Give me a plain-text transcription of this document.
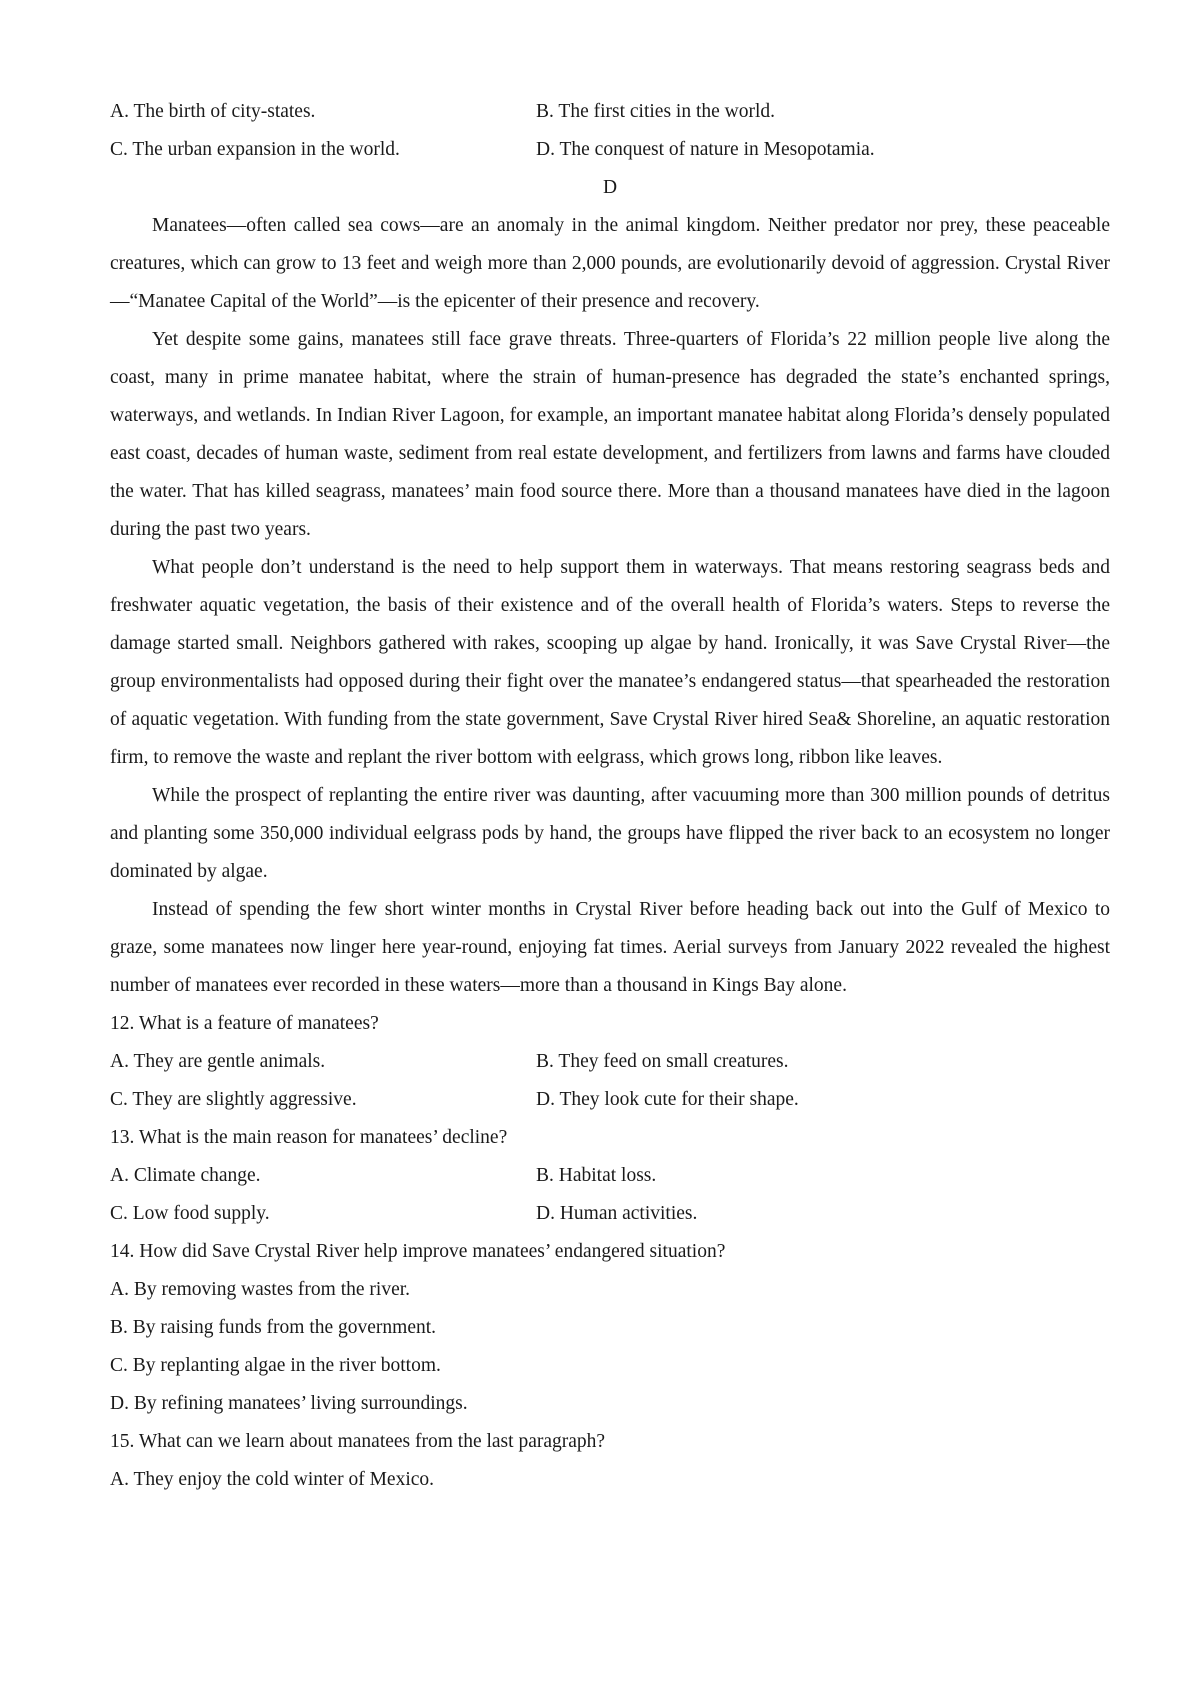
A. The birth of city-states.	B. The first cities in the world.
C. The urban expansion in the world.	D. The conquest of nature in Mesopotamia.

D

Manatees—often called sea cows—are an anomaly in the animal kingdom. Neither predator nor prey, these peaceable creatures, which can grow to 13 feet and weigh more than 2,000 pounds, are evolutionarily devoid of aggression. Crystal River—“Manatee Capital of the World”—is the epicenter of their presence and recovery.

Yet despite some gains, manatees still face grave threats. Three-quarters of Florida’s 22 million people live along the coast, many in prime manatee habitat, where the strain of human-presence has degraded the state’s enchanted springs, waterways, and wetlands. In Indian River Lagoon, for example, an important manatee habitat along Florida’s densely populated east coast, decades of human waste, sediment from real estate development, and fertilizers from lawns and farms have clouded the water. That has killed seagrass, manatees’ main food source there. More than a thousand manatees have died in the lagoon during the past two years.

What people don’t understand is the need to help support them in waterways. That means restoring seagrass beds and freshwater aquatic vegetation, the basis of their existence and of the overall health of Florida’s waters. Steps to reverse the damage started small. Neighbors gathered with rakes, scooping up algae by hand. Ironically, it was Save Crystal River—the group environmentalists had opposed during their fight over the manatee’s endangered status—that spearheaded the restoration of aquatic vegetation. With funding from the state government, Save Crystal River hired Sea& Shoreline, an aquatic restoration firm, to remove the waste and replant the river bottom with eelgrass, which grows long, ribbon like leaves.

While the prospect of replanting the entire river was daunting, after vacuuming more than 300 million pounds of detritus and planting some 350,000 individual eelgrass pods by hand, the groups have flipped the river back to an ecosystem no longer dominated by algae.

Instead of spending the few short winter months in Crystal River before heading back out into the Gulf of Mexico to graze, some manatees now linger here year-round, enjoying fat times. Aerial surveys from January 2022 revealed the highest number of manatees ever recorded in these waters—more than a thousand in Kings Bay alone.

12. What is a feature of manatees?

A. They are gentle animals.	B. They feed on small creatures.
C. They are slightly aggressive.	D. They look cute for their shape.

13. What is the main reason for manatees’ decline?

A. Climate change.	B. Habitat loss.
C. Low food supply.	D. Human activities.

14. How did Save Crystal River help improve manatees’ endangered situation?

A. By removing wastes from the river.

B. By raising funds from the government.

C. By replanting algae in the river bottom.

D. By refining manatees’ living surroundings.

15. What can we learn about manatees from the last paragraph?

A. They enjoy the cold winter of Mexico.
